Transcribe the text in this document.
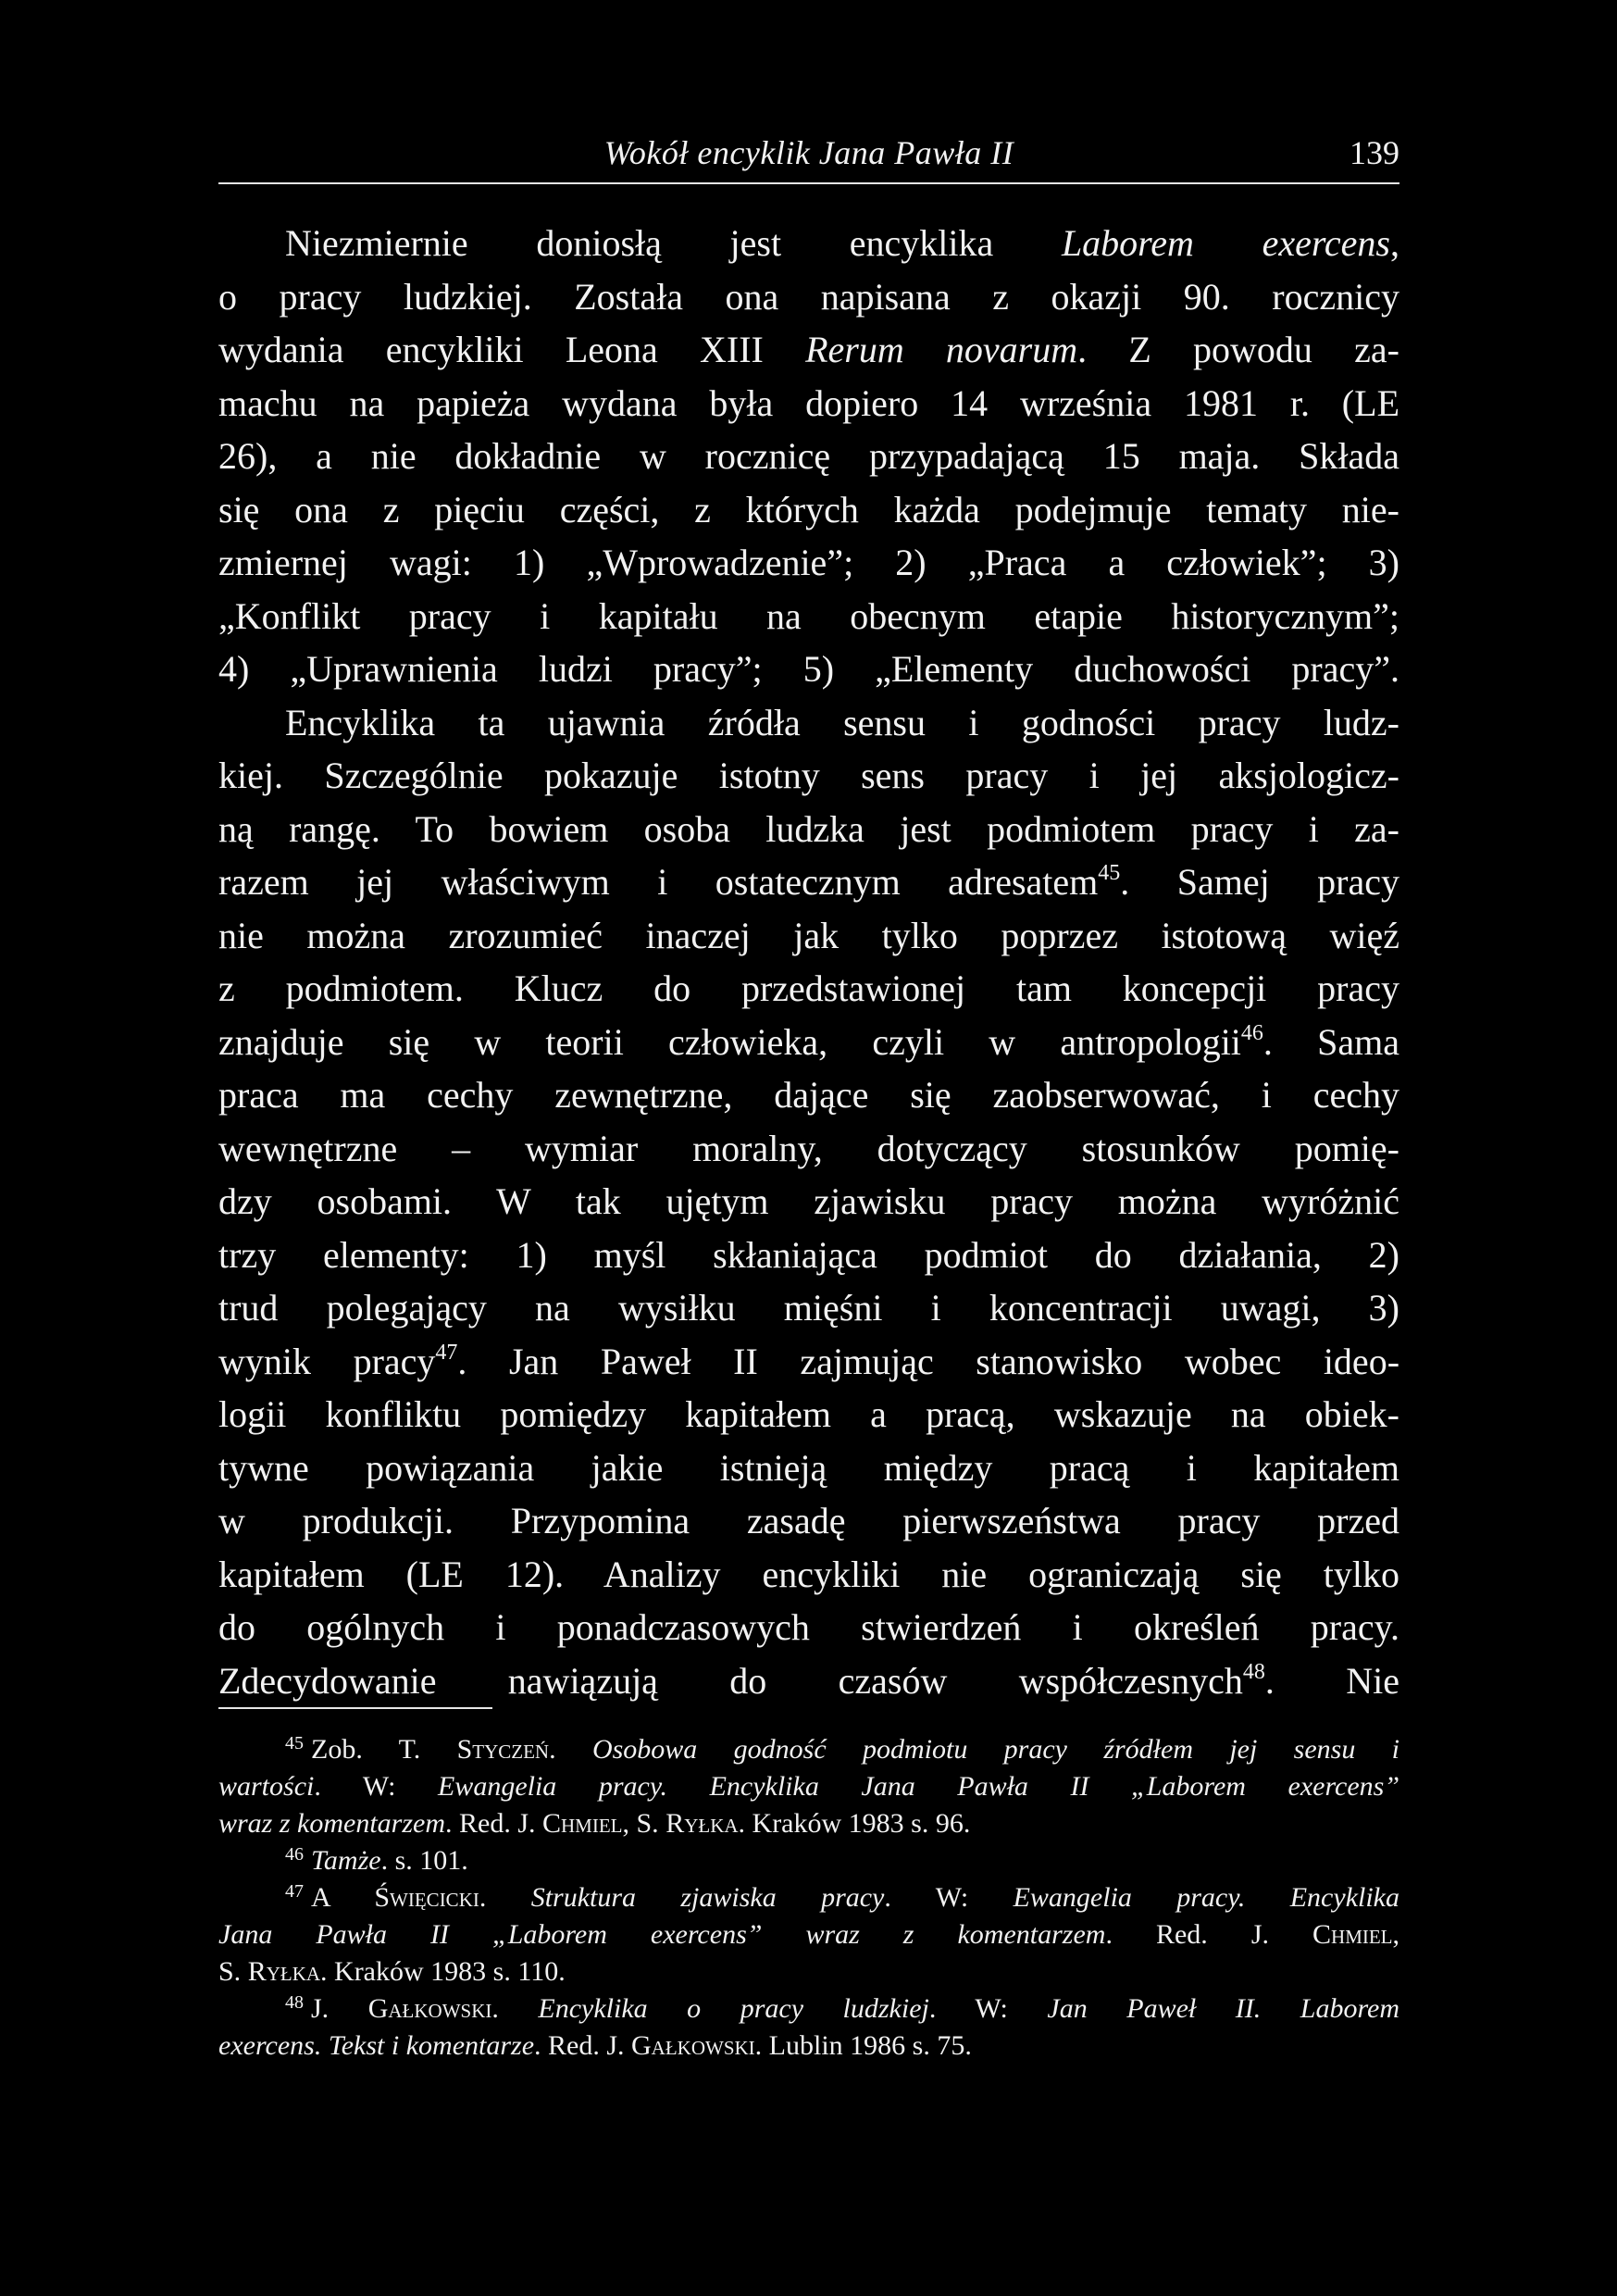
Wokół encyklik Jana Pawła II	139
Niezmiernie doniosłą jest encyklika Laborem exercens,
o pracy ludzkiej. Została ona napisana z okazji 90. rocznicy
wydania encykliki Leona XIII Rerum novarum. Z powodu za-
machu na papieża wydana była dopiero 14 września 1981 r. (LE
26), a nie dokładnie w rocznicę przypadającą 15 maja. Składa
się ona z pięciu części, z których każda podejmuje tematy nie-
zmiernej wagi: 1) „Wprowadzenie”; 2) „Praca a człowiek”; 3)
„Konflikt pracy i kapitału na obecnym etapie historycznym”;
4) „Uprawnienia ludzi pracy”; 5) „Elementy duchowości pracy”.
Encyklika ta ujawnia źródła sensu i godności pracy ludz-
kiej. Szczególnie pokazuje istotny sens pracy i jej aksjologicz-
ną rangę. To bowiem osoba ludzka jest podmiotem pracy i za-
razem jej właściwym i ostatecznym adresatem$^{45}$. Samej pracy
nie można zrozumieć inaczej jak tylko poprzez istotową więź
z podmiotem. Klucz do przedstawionej tam koncepcji pracy
znajduje się w teorii człowieka, czyli w antropologii$^{46}$. Sama
praca ma cechy zewnętrzne, dające się zaobserwować, i cechy
wewnętrzne – wymiar moralny, dotyczący stosunków pomię-
dzy osobami. W tak ujętym zjawisku pracy można wyróżnić
trzy elementy: 1) myśl skłaniająca podmiot do działania, 2)
trud polegający na wysiłku mięśni i koncentracji uwagi, 3)
wynik pracy$^{47}$. Jan Paweł II zajmując stanowisko wobec ideo-
logii konfliktu pomiędzy kapitałem a pracą, wskazuje na obiek-
tywne powiązania jakie istnieją między pracą i kapitałem
w produkcji. Przypomina zasadę pierwszeństwa pracy przed
kapitałem (LE 12). Analizy encykliki nie ograniczają się tylko
do ogólnych i ponadczasowych stwierdzeń i określeń pracy.
Zdecydowanie nawiązują do czasów współczesnych$^{48}$. Nie
$^{45}$ Zob. T. Styczeń. Osobowa godność podmiotu pracy źródłem jej sensu i
wartości. W: Ewangelia pracy. Encyklika Jana Pawła II „Laborem exercens”
wraz z komentarzem. Red. J. Chmiel, S. Ryłka. Kraków 1983 s. 96.
$^{46}$ Tamże. s. 101.
$^{47}$ A Święcicki. Struktura zjawiska pracy. W: Ewangelia pracy. Encyklika
Jana Pawła II „Laborem exercens” wraz z komentarzem. Red. J. Chmiel,
S. Ryłka. Kraków 1983 s. 110.
$^{48}$ J. Gałkowski. Encyklika o pracy ludzkiej. W: Jan Paweł II. Laborem
exercens. Tekst i komentarze. Red. J. Gałkowski. Lublin 1986 s. 75.
